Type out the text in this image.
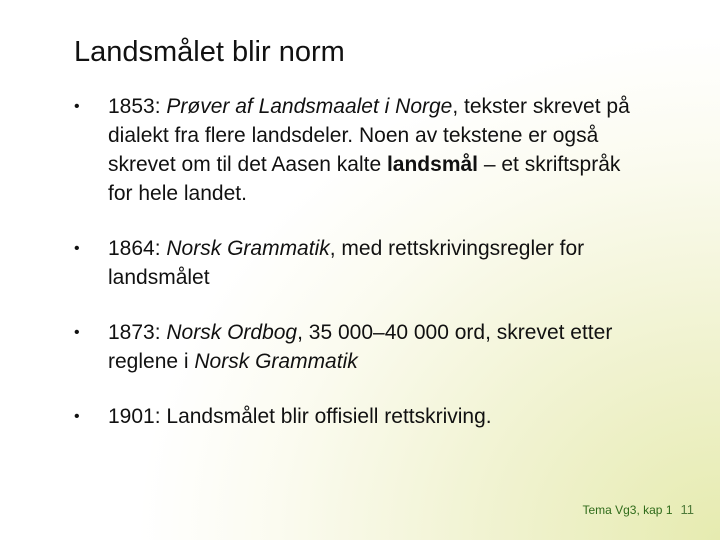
Landsmålet blir norm
• 1853: Prøver af Landsmaalet i Norge, tekster skrevet på dialekt fra flere landsdeler. Noen av tekstene er også skrevet om til det Aasen kalte landsmål – et skriftspråk for hele landet.
• 1864: Norsk Grammatik, med rettskrivingsregler for landsmålet
• 1873: Norsk Ordbog, 35 000–40 000 ord, skrevet etter reglene i Norsk Grammatik
• 1901: Landsmålet blir offisiell rettskriving.
Tema Vg3, kap 1 11
